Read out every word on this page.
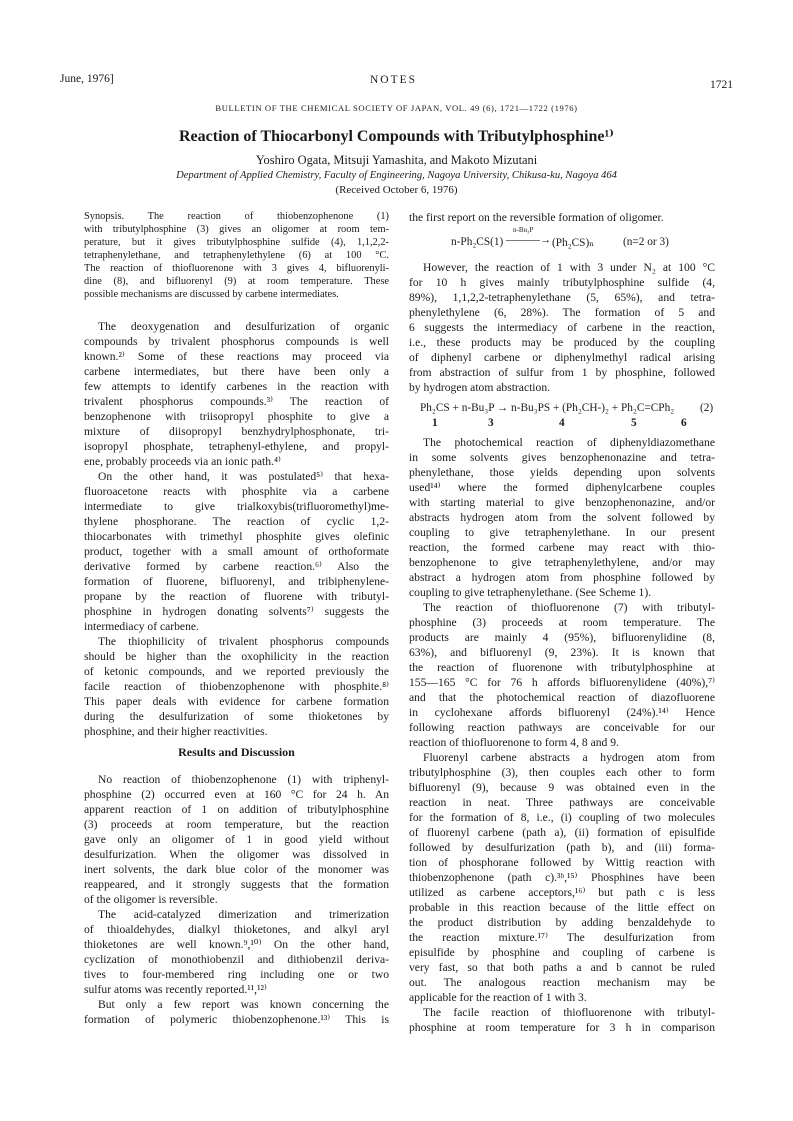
June, 1976]	NOTES	1721
BULLETIN OF THE CHEMICAL SOCIETY OF JAPAN, VOL. 49 (6), 1721—1722 (1976)
Reaction of Thiocarbonyl Compounds with Tributylphosphine¹⁾
Yoshiro Ogata, Mitsuji Yamashita, and Makoto Mizutani
Department of Applied Chemistry, Faculty of Engineering, Nagoya University, Chikusa-ku, Nagoya 464
(Received October 6, 1976)
Synopsis. The reaction of thiobenzophenone (1)
with tributylphosphine (3) gives an oligomer at room tem-
perature, but it gives tributylphosphine sulfide (4), 1,1,2,2-
tetraphenylethane, and tetraphenylethylene (6) at 100 °C.
The reaction of thiofluorenone with 3 gives 4, bifluorenyli-
dine (8), and bifluorenyl (9) at room temperature. These
possible mechanisms are discussed by carbene intermediates.
The deoxygenation and desulfurization of organic
compounds by trivalent phosphorus compounds is well
known.²⁾ Some of these reactions may proceed via
carbene intermediates, but there have been only a
few attempts to identify carbenes in the reaction with
trivalent phosphorus compounds.³⁾ The reaction of
benzophenone with triisopropyl phosphite to give a
mixture of diisopropyl benzhydrylphosphonate, tri-
isopropyl phosphate, tetraphenyl-ethylene, and propyl-
ene, probably proceeds via an ionic path.⁴⁾
On the other hand, it was postulated⁵⁾ that hexa-
fluoroacetone reacts with phosphite via a carbene
intermediate to give trialkoxybis(trifluoromethyl)me-
thylene phosphorane. The reaction of cyclic 1,2-
thiocarbonates with trimethyl phosphite gives olefinic
product, together with a small amount of orthoformate
derivative formed by carbene reaction.⁶⁾ Also the
formation of fluorene, bifluorenyl, and tribiphenylene-
propane by the reaction of fluorene with tributyl-
phosphine in hydrogen donating solvents⁷⁾ suggests the
intermediacy of carbene.
The thiophilicity of trivalent phosphorus compounds
should be higher than the oxophilicity in the reaction
of ketonic compounds, and we reported previously the
facile reaction of thiobenzophenone with phosphite.⁸⁾
This paper deals with evidence for carbene formation
during the desulfurization of some thioketones by
phosphine, and their higher reactivities.
Results and Discussion
No reaction of thiobenzophenone (1) with triphenyl-
phosphine (2) occurred even at 160 °C for 24 h. An
apparent reaction of 1 on addition of tributylphosphine
(3) proceeds at room temperature, but the reaction
gave only an oligomer of 1 in good yield without
desulfurization. When the oligomer was dissolved in
inert solvents, the dark blue color of the monomer was
reappeared, and it strongly suggests that the formation
of the oligomer is reversible.
The acid-catalyzed dimerization and trimerization
of thioaldehydes, dialkyl thioketones, and alkyl aryl
thioketones are well known.⁹,¹⁰⁾ On the other hand,
cyclization of monothiobenzil and dithiobenzil deriva-
tives to four-membered ring including one or two
sulfur atoms was recently reported.¹¹,¹²⁾
But only a few report was known concerning the
formation of polymeric thiobenzophenone.¹³⁾ This is
the first report on the reversible formation of oligomer.
n-Ph₂CS(1)
n-Bu₃P
———→ (Ph₂CS)ₙ	(n=2 or 3)
However, the reaction of 1 with 3 under N₂ at 100 °C
for 10 h gives mainly tributylphosphine sulfide (4,
89%), 1,1,2,2-tetraphenylethane (5, 65%), and tetra-
phenylethylene (6, 28%). The formation of 5 and
6 suggests the intermediacy of carbene in the reaction,
i.e., these products may be produced by the coupling
of diphenyl carbene or diphenylmethyl radical arising
from abstraction of sulfur from 1 by phosphine, followed
by hydrogen atom abstraction.
Ph₂CS + n-Bu₃P → n-Bu₃PS + (Ph₂CH-)₂ + Ph₂C=CPh₂ (2)
1	3	4	5	6
The photochemical reaction of diphenyldiazomethane
in some solvents gives benzophenonazine and tetra-
phenylethane, those yields depending upon solvents
used¹⁴⁾ where the formed diphenylcarbene couples
with starting material to give benzophenonazine, and/or
abstracts hydrogen atom from the solvent followed by
coupling to give tetraphenylethane. In our present
reaction, the formed carbene may react with thio-
benzophenone to give tetraphenylethylene, and/or may
abstract a hydrogen atom from phosphine followed by
coupling to give tetraphenylethane. (See Scheme 1).
The reaction of thiofluorenone (7) with tributyl-
phosphine (3) proceeds at room temperature. The
products are mainly 4 (95%), bifluorenylidine (8,
63%), and bifluorenyl (9, 23%). It is known that
the reaction of fluorenone with tributylphosphine at
155—165 °C for 76 h affords bifluorenylidene (40%),⁷⁾
and that the photochemical reaction of diazofluorene
in cyclohexane affords bifluorenyl (24%).¹⁴⁾ Hence
following reaction pathways are conceivable for our
reaction of thiofluorenone to form 4, 8 and 9.
Fluorenyl carbene abstracts a hydrogen atom from
tributylphosphine (3), then couples each other to form
bifluorenyl (9), because 9 was obtained even in the
reaction in neat. Three pathways are conceivable
for the formation of 8, i.e., (i) coupling of two molecules
of fluorenyl carbene (path a), (ii) formation of episulfide
followed by desulfurization (path b), and (iii) forma-
tion of phosphorane followed by Wittig reaction with
thiobenzophenone (path c).³ᵇ,¹⁵⁾ Phosphines have been
utilized as carbene acceptors,¹⁶⁾ but path c is less
probable in this reaction because of the little effect on
the product distribution by adding benzaldehyde to
the reaction mixture.¹⁷⁾ The desulfurization from
episulfide by phosphine and coupling of carbene is
very fast, so that both paths a and b cannot be ruled
out. The analogous reaction mechanism may be
applicable for the reaction of 1 with 3.
The facile reaction of thiofluorenone with tributyl-
phosphine at room temperature for 3 h in comparison
